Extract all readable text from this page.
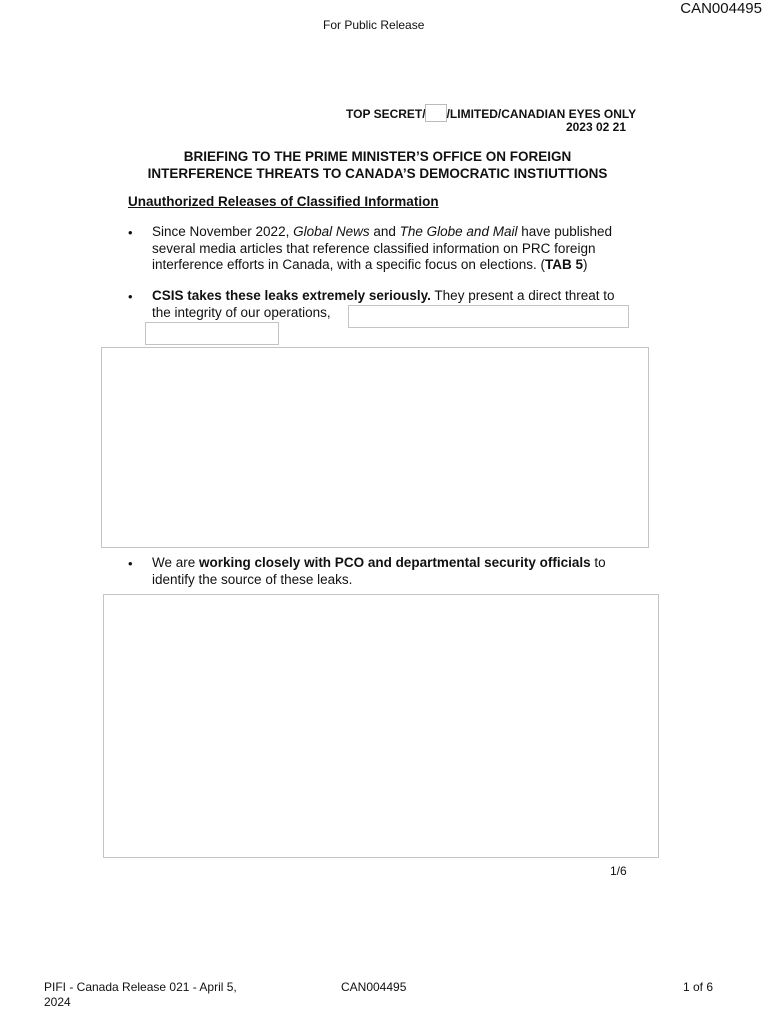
CAN004495
For Public Release
TOP SECRET/ /LIMITED/CANADIAN EYES ONLY
2023 02 21
BRIEFING TO THE PRIME MINISTER’S OFFICE ON FOREIGN
INTERFERENCE THREATS TO CANADA’S DEMOCRATIC INSTIUTTIONS
Unauthorized Releases of Classified Information
• Since November 2022, Global News and The Globe and Mail have published several media articles that reference classified information on PRC foreign interference efforts in Canada, with a specific focus on elections. (TAB 5)
• CSIS takes these leaks extremely seriously. They present a direct threat to the integrity of our operations,
• We are working closely with PCO and departmental security officials to identify the source of these leaks.
1/6
PIFI - Canada Release 021 - April 5, 2024
CAN004495	1 of 6
